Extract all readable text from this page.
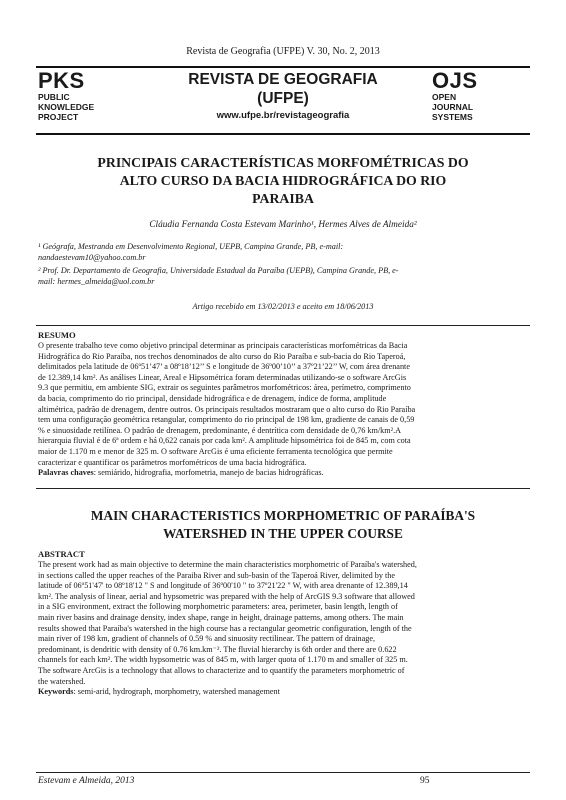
Revista de Geografia (UFPE) V. 30, No. 2, 2013
PKS
PUBLIC
KNOWLEDGE
PROJECT
REVISTA DE GEOGRAFIA
(UFPE)
www.ufpe.br/revistageografia
OJS
OPEN
JOURNAL
SYSTEMS
PRINCIPAIS CARACTERÍSTICAS MORFOMÉTRICAS DO
ALTO CURSO DA BACIA HIDROGRÁFICA DO RIO
PARAIBA
Cláudia Fernanda Costa Estevam Marinho¹, Hermes Alves de Almeida²
¹ Geógrafa, Mestranda em Desenvolvimento Regional, UEPB, Campina Grande, PB, e-mail:
nandaestevam10@yahoo.com.br
² Prof. Dr. Departamento de Geografia, Universidade Estadual da Paraíba (UEPB), Campina Grande, PB, e-
mail: hermes_almeida@uol.com.br
Artigo recebido em 13/02/2013 e aceito em 18/06/2013
RESUMO
O presente trabalho teve como objetivo principal determinar as principais características morfométricas da Bacia
Hidrográfica do Rio Paraíba, nos trechos denominados de alto curso do Rio Paraíba e sub-bacia do Rio Taperoá,
delimitados pela latitude de 06º51’47’ a 08º18’12’’ S e longitude de 36º00’10’’ a 37º21’22’’ W, com área drenante
de 12.389,14 km². As análises Linear, Areal e Hipsométrica foram determinadas utilizando-se o software ArcGis
9.3 que permitiu, em ambiente SIG, extrair os seguintes parâmetros morfométricos: área, perímetro, comprimento
da bacia, comprimento do rio principal, densidade hidrográfica e de drenagem, índice de forma, amplitude
altimétrica, padrão de drenagem, dentre outros. Os principais resultados mostraram que o alto curso do Rio Paraíba
tem uma configuração geométrica retangular, comprimento do rio principal de 198 km, gradiente de canais de 0,59
% e sinuosidade retilínea. O padrão de drenagem, predominante, é dentrítica com densidade de 0,76 km/km².A
hierarquia fluvial é de 6ª ordem e há 0,622 canais por cada km². A amplitude hipsométrica foi de 845 m, com cota
maior de 1.170 m e menor de 325 m. O software ArcGis é uma eficiente ferramenta tecnológica que permite
caracterizar e quantificar os parâmetros morfométricos de uma bacia hidrográfica.
Palavras chaves: semiárido, hidrografia, morfometria, manejo de bacias hidrográficas.
MAIN CHARACTERISTICS MORPHOMETRIC OF PARAÍBA'S
WATERSHED IN THE UPPER COURSE
ABSTRACT
The present work had as main objective to determine the main characteristics morphometric of Paraíba's watershed,
in sections called the upper reaches of the Paraiba River and sub-basin of the Taperoá River, delimited by the
latitude of 06º51'47' to 08º18'12 " S and longitude of 36º00'10 " to 37º21'22 " W, with area drenante of 12.389,14
km². The analysis of linear, aerial and hypsometric was prepared with the help of ArcGIS 9.3 software that allowed
in a SIG environment, extract the following morphometric parameters: area, perimeter, basin length, length of
main river basins and drainage density, index shape, range in height, drainage patterns, among others. The main
results showed that Paraíba's watershed in the high course has a rectangular geometric configuration, length of the
main river of 198 km, gradient of channels of 0.59 % and sinuosity rectilinear. The pattern of drainage,
predominant, is dendritic with density of 0.76 km.km⁻². The fluvial hierarchy is 6th order and there are 0.622
channels for each km². The width hypsometric was of 845 m, with larger quota of 1.170 m and smaller of 325 m.
The software ArcGis is a technology that allows to characterize and to quantify the parameters morphometric of
the watershed.
Keywords: semi-arid, hydrograph, morphometry, watershed management
Estevam e Almeida, 2013	95
